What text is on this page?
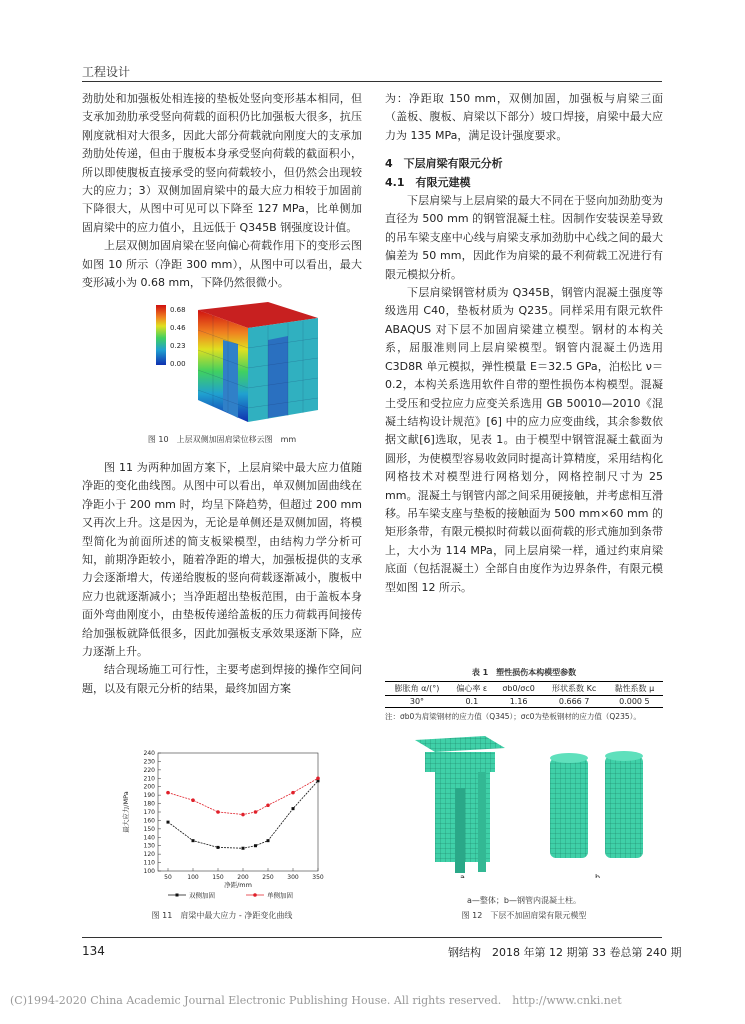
工程设计

劲肋处和加强板处相连接的垫板处竖向变形基本相同，但支承加劲肋承受竖向荷载的面积仍比加强板大很多，抗压刚度就相对大很多，因此大部分荷载就向刚度大的支承加劲肋处传递，但由于腹板本身承受竖向荷载的截面积小，所以即使腹板直接承受的竖向荷载较小，但仍然会出现较大的应力；3）双侧加固肩梁中的最大应力相较于加固前下降很大，从图中可见可以下降至 127 MPa，比单侧加固肩梁中的应力值小，且远低于 Q345B 钢强度设计值。

上层双侧加固肩梁在竖向偏心荷载作用下的变形云图如图 10 所示（净距 300 mm），从图中可以看出，最大变形减小为 0.68 mm，下降仍然很微小。

0.68
0.46
0.23
0.00
图 10　上层双侧加固肩梁位移云图　mm

图 11 为两种加固方案下，上层肩梁中最大应力值随净距的变化曲线图。从图中可以看出，单双侧加固曲线在净距小于 200 mm 时，均呈下降趋势，但超过 200 mm 又再次上升。这是因为，无论是单侧还是双侧加固，将模型简化为前面所述的简支板梁模型，由结构力学分析可知，前期净距较小，随着净距的增大，加强板提供的支承力会逐渐增大，传递给腹板的竖向荷载逐渐减小，腹板中应力也就逐渐减小；当净距超出垫板范围，由于盖板本身面外弯曲刚度小，由垫板传递给盖板的压力荷载再间接传给加强板就降低很多，因此加强板支承效果逐渐下降，应力逐渐上升。

结合现场施工可行性，主要考虑到焊接的操作空间问题，以及有限元分析的结果，最终加固方案

100
110
120
130
140
150
160
170
180
190
200
210
220
230
240
50	100 150 200 250 300 350
净距/mm
最大应力/MPa
双侧加固	单侧加固
图 11　肩梁中最大应力 - 净距变化曲线

为：净距取 150 mm，双侧加固，加强板与肩梁三面（盖板、腹板、肩梁以下部分）坡口焊接，肩梁中最大应力为 135 MPa，满足设计强度要求。

4　下层肩梁有限元分析

4.1　有限元建模

下层肩梁与上层肩梁的最大不同在于竖向加劲肋变为直径为 500 mm 的钢管混凝土柱。因制作安装误差导致的吊车梁支座中心线与肩梁支承加劲肋中心线之间的最大偏差为 50 mm，因此作为肩梁的最不利荷载工况进行有限元模拟分析。

下层肩梁钢管材质为 Q345B，钢管内混凝土强度等级选用 C40，垫板材质为 Q235。同样采用有限元软件 ABAQUS 对下层不加固肩梁建立模型。钢材的本构关系，屈服准则同上层肩梁模型。钢管内混凝土仍选用 C3D8R 单元模拟，弹性模量 E＝32.5 GPa，泊松比 ν＝0.2，本构关系选用软件自带的塑性损伤本构模型。混凝土受压和受拉应力应变关系选用 GB 50010—2010《混凝土结构设计规范》[6] 中的应力应变曲线，其余参数依据文献[6]选取，见表 1。由于模型中钢管混凝土截面为圆形，为使模型容易收敛同时提高计算精度，采用结构化网格技术对模型进行网格划分，网格控制尺寸为 25 mm。混凝土与钢管内部之间采用硬接触，并考虑相互滑移。吊车梁支座与垫板的接触面为 500 mm×60 mm 的矩形条带，有限元模拟时荷载以面荷载的形式施加到条带上，大小为 114 MPa，同上层肩梁一样，通过约束肩梁底面（包括混凝土）全部自由度作为边界条件，有限元模型如图 12 所示。

表 1　塑性损伤本构模型参数
膨胀角 α/(°)	偏心率 ε	σb0/σc0	形状系数 Kc	黏性系数 μ
30°	0.1	1.16	0.666 7	0.000 5
注：σb0为肩梁钢材的应力值（Q345）；σc0为垫板钢材的应力值（Q235）。
a	b
a—整体；b—钢管内混凝土柱。
图 12　下层不加固肩梁有限元模型
134	钢结构　2018 年第 12 期第 33 卷总第 240 期
(C)1994-2020 China Academic Journal Electronic Publishing House. All rights reserved.　http://www.cnki.net
